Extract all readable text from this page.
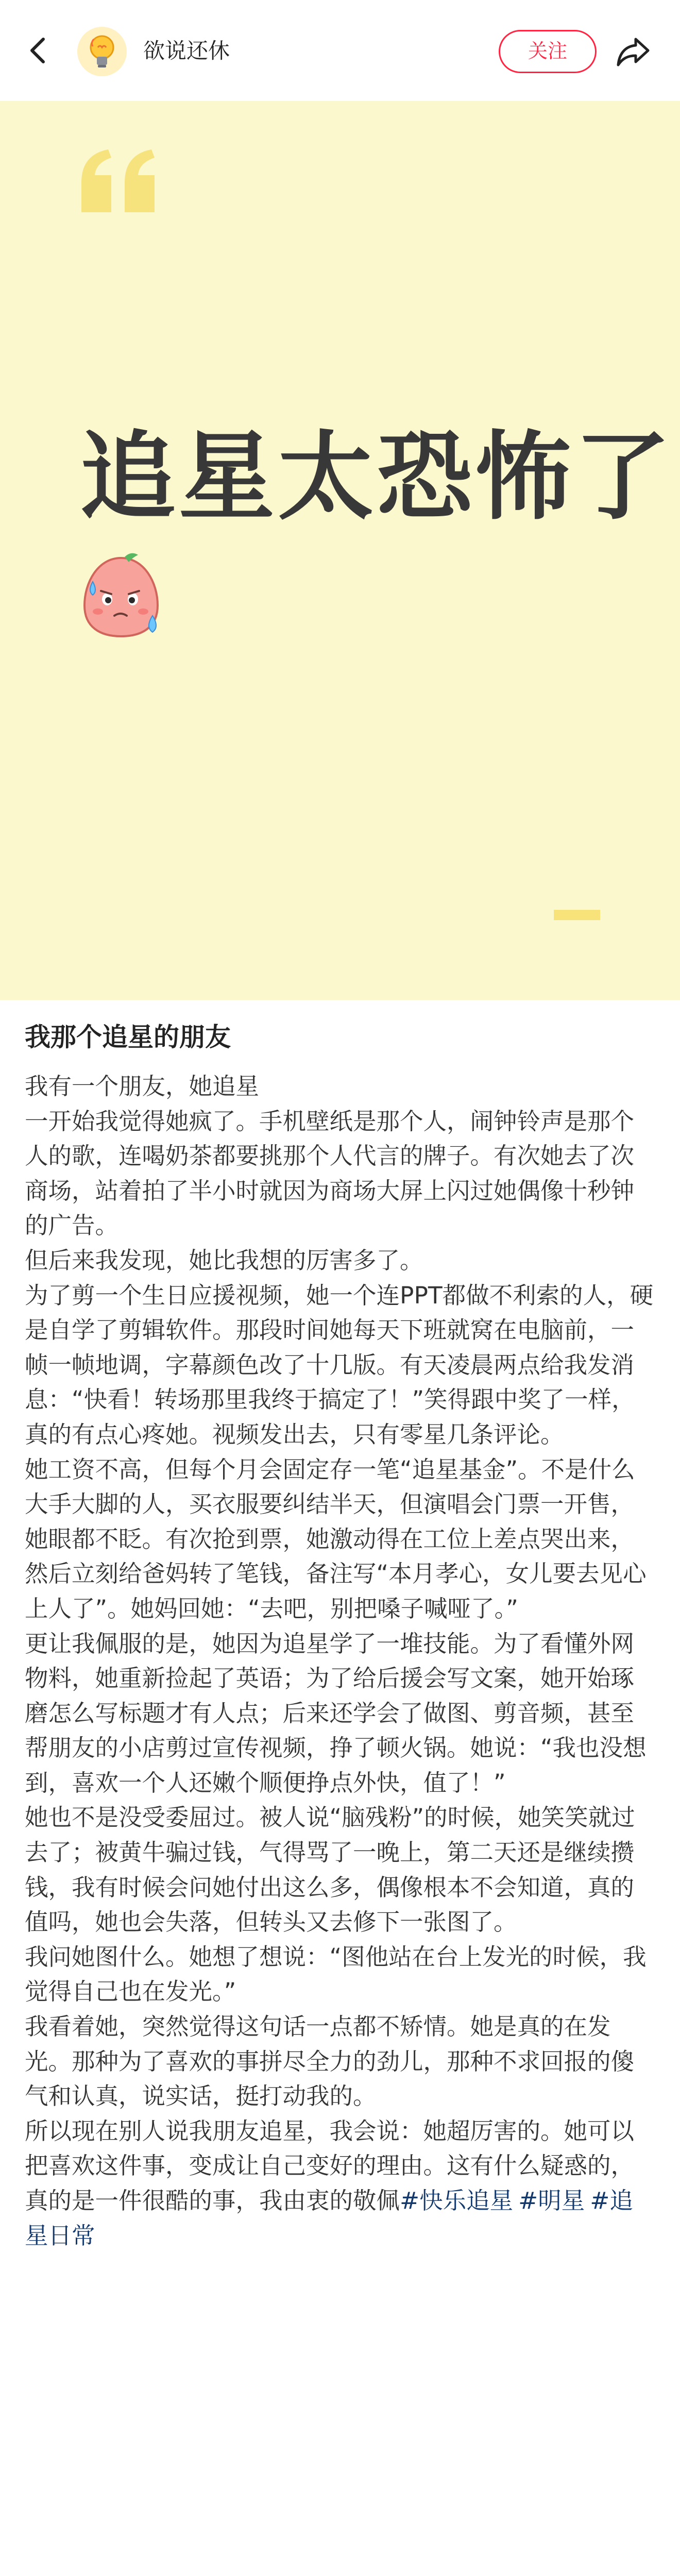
欲说还休	关注
追星太恐怖了
我那个追星的朋友
我有一个朋友，她追星
一开始我觉得她疯了。手机壁纸是那个人，闹钟铃声是那个人的歌，连喝奶茶都要挑那个人代言的牌子。有次她去了次商场，站着拍了半小时就因为商场大屏上闪过她偶像十秒钟的广告。
但后来我发现，她比我想的厉害多了。
为了剪一个生日应援视频，她一个连PPT都做不利索的人，硬是自学了剪辑软件。那段时间她每天下班就窝在电脑前，一帧一帧地调，字幕颜色改了十几版。有天凌晨两点给我发消息：“快看！转场那里我终于搞定了！”笑得跟中奖了一样，真的有点心疼她。视频发出去，只有零星几条评论。
她工资不高，但每个月会固定存一笔“追星基金”。不是什么大手大脚的人，买衣服要纠结半天，但演唱会门票一开售，她眼都不眨。有次抢到票，她激动得在工位上差点哭出来，然后立刻给爸妈转了笔钱，备注写“本月孝心，女儿要去见心上人了”。她妈回她：“去吧，别把嗓子喊哑了。”
更让我佩服的是，她因为追星学了一堆技能。为了看懂外网物料，她重新捡起了英语；为了给后援会写文案，她开始琢磨怎么写标题才有人点；后来还学会了做图、剪音频，甚至帮朋友的小店剪过宣传视频，挣了顿火锅。她说：“我也没想到，喜欢一个人还嫩个顺便挣点外快，值了！”
她也不是没受委屈过。被人说“脑残粉”的时候，她笑笑就过去了；被黄牛骗过钱，气得骂了一晚上，第二天还是继续攒钱，我有时候会问她付出这么多，偶像根本不会知道，真的值吗，她也会失落，但转头又去修下一张图了。
我问她图什么。她想了想说：“图他站在台上发光的时候，我觉得自己也在发光。”
我看着她，突然觉得这句话一点都不矫情。她是真的在发光。那种为了喜欢的事拼尽全力的劲儿，那种不求回报的傻气和认真，说实话，挺打动我的。
所以现在别人说我朋友追星，我会说：她超厉害的。她可以把喜欢这件事，变成让自己变好的理由。这有什么疑惑的，真的是一件很酷的事，我由衷的敬佩#快乐追星 #明星 #追星日常
